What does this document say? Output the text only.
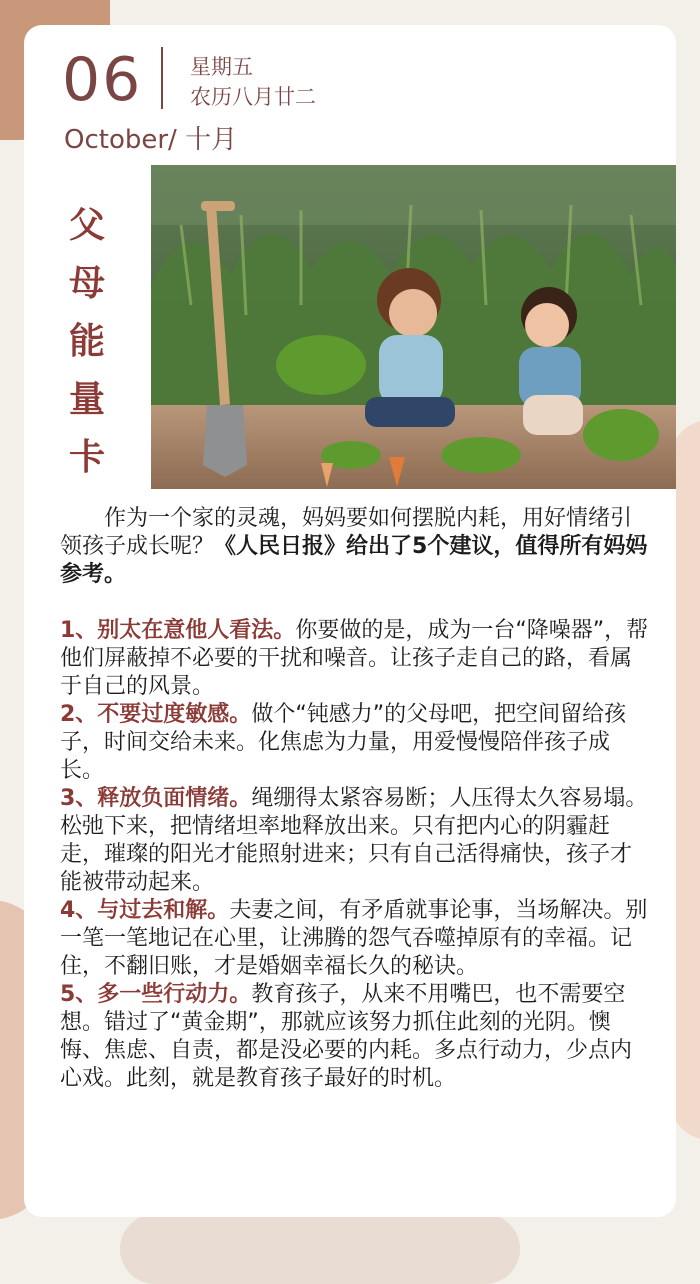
06 星期五
农历八月廿二
October/ 十月
父
母
能
量
卡

作为一个家的灵魂，妈妈要如何摆脱内耗，用好情绪引领孩子成长呢？《人民日报》给出了5个建议，值得所有妈妈参考。

1、别太在意他人看法。你要做的是，成为一台“降噪器”，帮他们屏蔽掉不必要的干扰和噪音。让孩子走自己的路，看属于自己的风景。

2、不要过度敏感。做个“钝感力”的父母吧，把空间留给孩子，时间交给未来。化焦虑为力量，用爱慢慢陪伴孩子成长。

3、释放负面情绪。绳绷得太紧容易断；人压得太久容易塌。松弛下来，把情绪坦率地释放出来。只有把内心的阴霾赶走，璀璨的阳光才能照射进来；只有自己活得痛快，孩子才能被带动起来。

4、与过去和解。夫妻之间，有矛盾就事论事，当场解决。别一笔一笔地记在心里，让沸腾的怨气吞噬掉原有的幸福。记住，不翻旧账，才是婚姻幸福长久的秘诀。

5、多一些行动力。教育孩子，从来不用嘴巴，也不需要空想。错过了“黄金期”，那就应该努力抓住此刻的光阴。懊悔、焦虑、自责，都是没必要的内耗。多点行动力，少点内心戏。此刻，就是教育孩子最好的时机。
